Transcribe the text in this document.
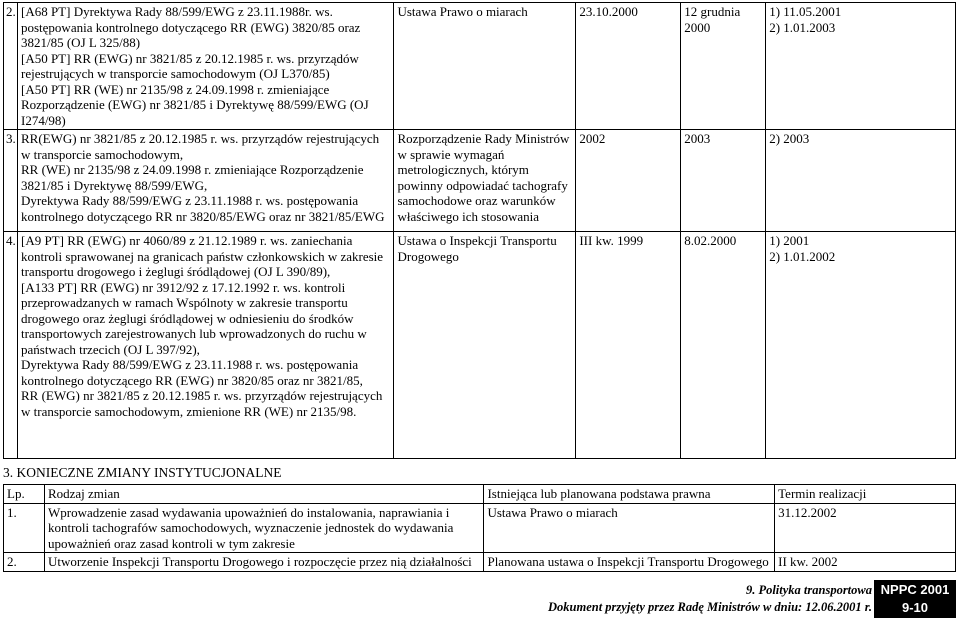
2.	[A68 PT] Dyrektywa Rady 88/599/EWG z 23.11.1988r. ws. postępowania kontrolnego dotyczącego RR (EWG) 3820/85 oraz 3821/85 (OJ L 325/88)
[A50 PT] RR (EWG) nr 3821/85 z 20.12.1985 r. ws. przyrządów rejestrujących w transporcie samochodowym (OJ L370/85)
[A50 PT] RR (WE) nr 2135/98 z 24.09.1998 r. zmieniające Rozporządzenie (EWG) nr 3821/85 i Dyrektywę 88/599/EWG (OJ I274/98)	Ustawa Prawo o miarach	23.10.2000	12 grudnia 2000	1) 11.05.2001
2) 1.01.2003
3.	RR(EWG) nr 3821/85 z 20.12.1985 r. ws. przyrządów rejestrujących w transporcie samochodowym,
RR (WE) nr 2135/98 z 24.09.1998 r. zmieniające Rozporządzenie 3821/85 i Dyrektywę 88/599/EWG,
Dyrektywa Rady 88/599/EWG z 23.11.1988 r. ws. postępowania kontrolnego dotyczącego RR nr 3820/85/EWG oraz nr 3821/85/EWG	Rozporządzenie Rady Ministrów w sprawie wymagań metrologicznych, którym powinny odpowiadać tachografy samochodowe oraz warunków właściwego ich stosowania	2002	2003	2) 2003
4.	[A9 PT] RR (EWG) nr 4060/89 z 21.12.1989 r. ws. zaniechania kontroli sprawowanej na granicach państw członkowskich w zakresie transportu drogowego i żeglugi śródlądowej (OJ L 390/89),
[A133 PT] RR (EWG) nr 3912/92 z 17.12.1992 r. ws. kontroli przeprowadzanych w ramach Wspólnoty w zakresie transportu drogowego oraz żeglugi śródlądowej w odniesieniu do środków transportowych zarejestrowanych lub wprowadzonych do ruchu w państwach trzecich (OJ L 397/92),
Dyrektywa Rady 88/599/EWG z 23.11.1988 r. ws. postępowania kontrolnego dotyczącego RR (EWG) nr 3820/85 oraz nr 3821/85,
RR (EWG) nr 3821/85 z 20.12.1985 r. ws. przyrządów rejestrujących w transporcie samochodowym, zmienione RR (WE) nr 2135/98.	Ustawa o Inspekcji Transportu Drogowego	III kw. 1999	8.02.2000	1) 2001
2) 1.01.2002
3. KONIECZNE ZMIANY INSTYTUCJONALNE
Lp.	Rodzaj zmian	Istniejąca lub planowana podstawa prawna	Termin realizacji
1.	Wprowadzenie zasad wydawania upoważnień do instalowania, naprawiania i kontroli tachografów samochodowych, wyznaczenie jednostek do wydawania upoważnień oraz zasad kontroli w tym zakresie	Ustawa Prawo o miarach	31.12.2002
2.	Utworzenie Inspekcji Transportu Drogowego i rozpoczęcie przez nią działalności	Planowana ustawa o Inspekcji Transportu Drogowego	II kw. 2002
9. Polityka transportowa
Dokument przyjęty przez Radę Ministrów w dniu: 12.06.2001 r.
NPPC 2001
9-10
